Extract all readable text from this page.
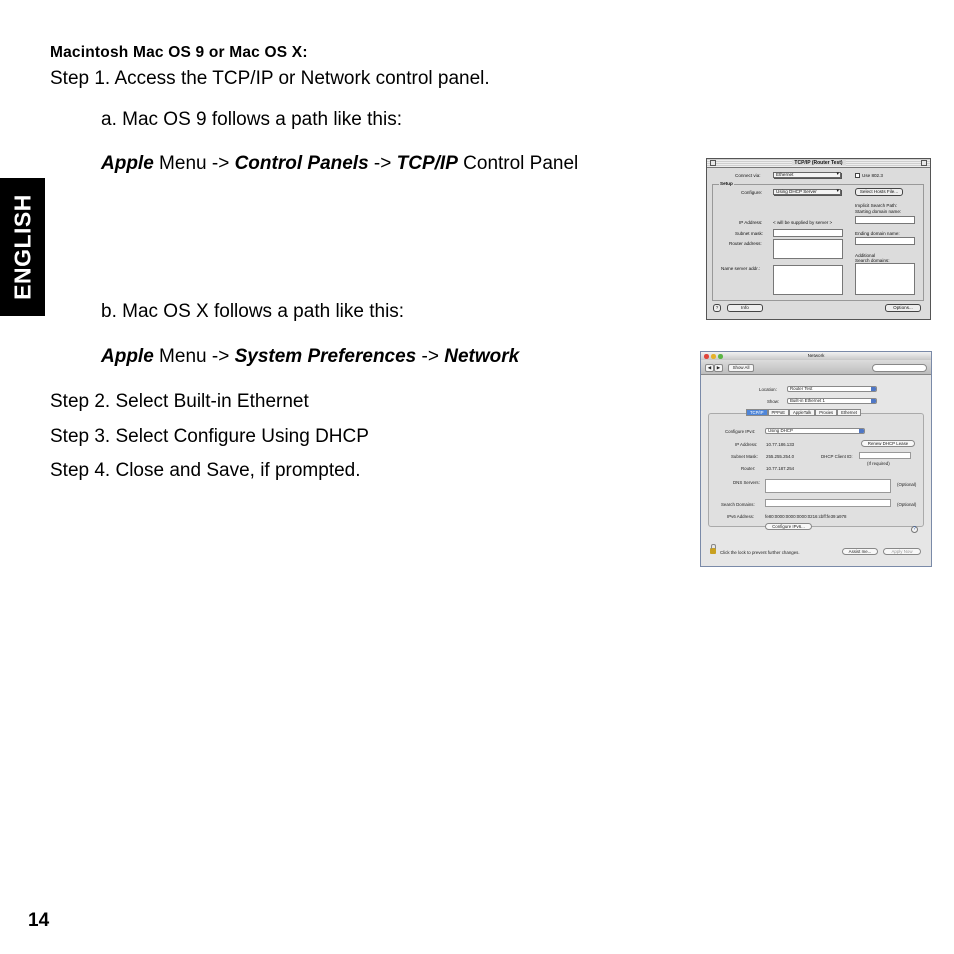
Macintosh Mac OS 9 or Mac OS X:
Step 1. Access the TCP/IP or Network control panel.
a. Mac OS 9 follows a path like this:
Apple Menu -> Control Panels -> TCP/IP Control Panel
b. Mac OS X follows a path like this:
Apple Menu -> System Preferences -> Network
Step 2. Select Built-in Ethernet
Step 3. Select Configure Using DHCP
Step 4. Close and Save, if prompted.
ENGLISH
14
TCP/IP (Router Test)
Connect via:	Ethernet ▾	Use 802.3
Setup
Configure:	Using DHCP Server ▾	Select Hosts File...
Implicit Search Path:
Starting domain name:
IP Address: < will be supplied by server >
Subnet mask:	Ending domain name:
Router address:
Additional
Search domains:
Name server addr.:
?	Info	Options...
Network
◀	▶	Show All
Location:	Router Test
Show:	Built-in Ethernet 1
TCP/IP	PPPoE	AppleTalk	Proxies	Ethernet
Configure IPv4:	Using DHCP
IP Address: 10.77.186.133	Renew DHCP Lease
Subnet Mask: 255.255.254.0	DHCP Client ID:
(If required)
Router: 10.77.187.254
DNS Servers:	(Optional)
Search Domains:	(Optional)
IPv6 Address: fe80:0000:0000:0000:0216:cbff:fe39:a978
Configure IPv6...	?
Click the lock to prevent further changes.	Assist me...	Apply Now
